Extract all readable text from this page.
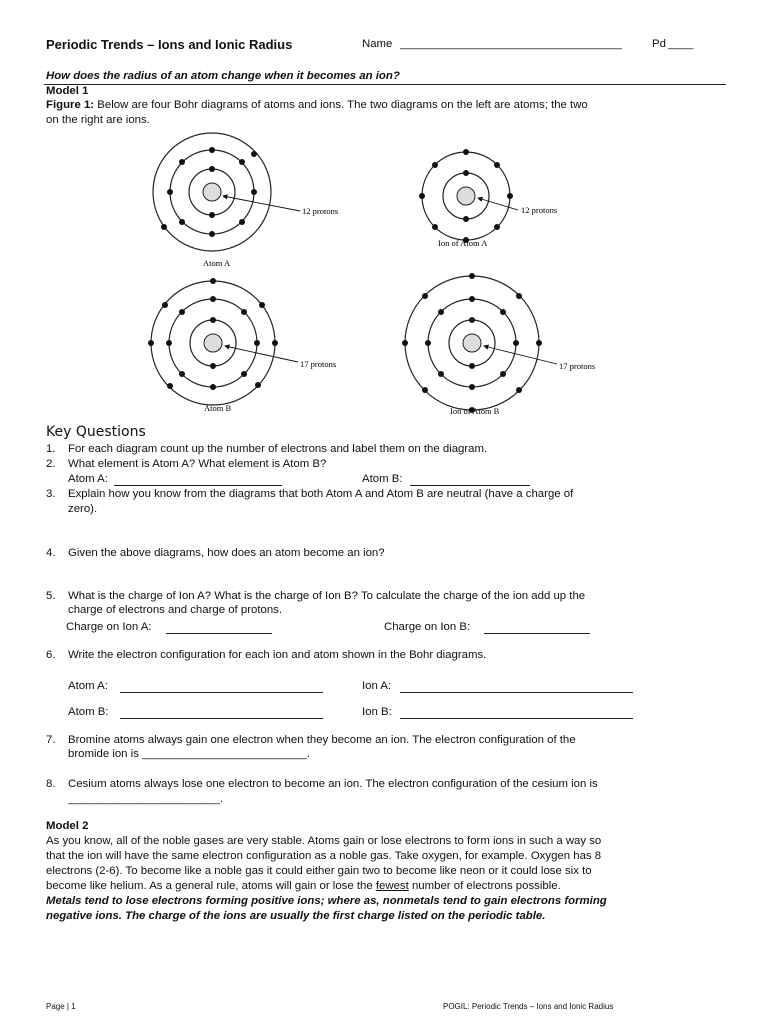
Periodic Trends – Ions and Ionic Radius	Name ___________________________________	Pd ____
How does the radius of an atom change when it becomes an ion?
Model 1
Figure 1: Below are four Bohr diagrams of atoms and ions. The two diagrams on the left are atoms; the two
on the right are ions.
12 protons
Atom A
12 protons
Ion of Atom A
17 protons
Atom B
17 protons
Ion of Atom B
Key Questions
1. For each diagram count up the number of electrons and label them on the diagram.
2. What element is Atom A? What element is Atom B?
Atom A:	Atom B:
3. Explain how you know from the diagrams that both Atom A and Atom B are neutral (have a charge of
zero).
4. Given the above diagrams, how does an atom become an ion?
5. What is the charge of Ion A? What is the charge of Ion B? To calculate the charge of the ion add up the
charge of electrons and charge of protons.
Charge on Ion A:	Charge on Ion B:
6. Write the electron configuration for each ion and atom shown in the Bohr diagrams.
Atom A:	Ion A:
Atom B:	Ion B:
7. Bromine atoms always gain one electron when they become an ion. The electron configuration of the
bromide ion is __________________________.
8. Cesium atoms always lose one electron to become an ion. The electron configuration of the cesium ion is
________________________.
Model 2
As you know, all of the noble gases are very stable. Atoms gain or lose electrons to form ions in such a way so
that the ion will have the same electron configuration as a noble gas. Take oxygen, for example. Oxygen has 8
electrons (2-6). To become like a noble gas it could either gain two to become like neon or it could lose six to
become like helium. As a general rule, atoms will gain or lose the fewest number of electrons possible.
Metals tend to lose electrons forming positive ions; where as, nonmetals tend to gain electrons forming
negative ions. The charge of the ions are usually the first charge listed on the periodic table.
Page | 1	POGIL: Periodic Trends – Ions and Ionic Radius
